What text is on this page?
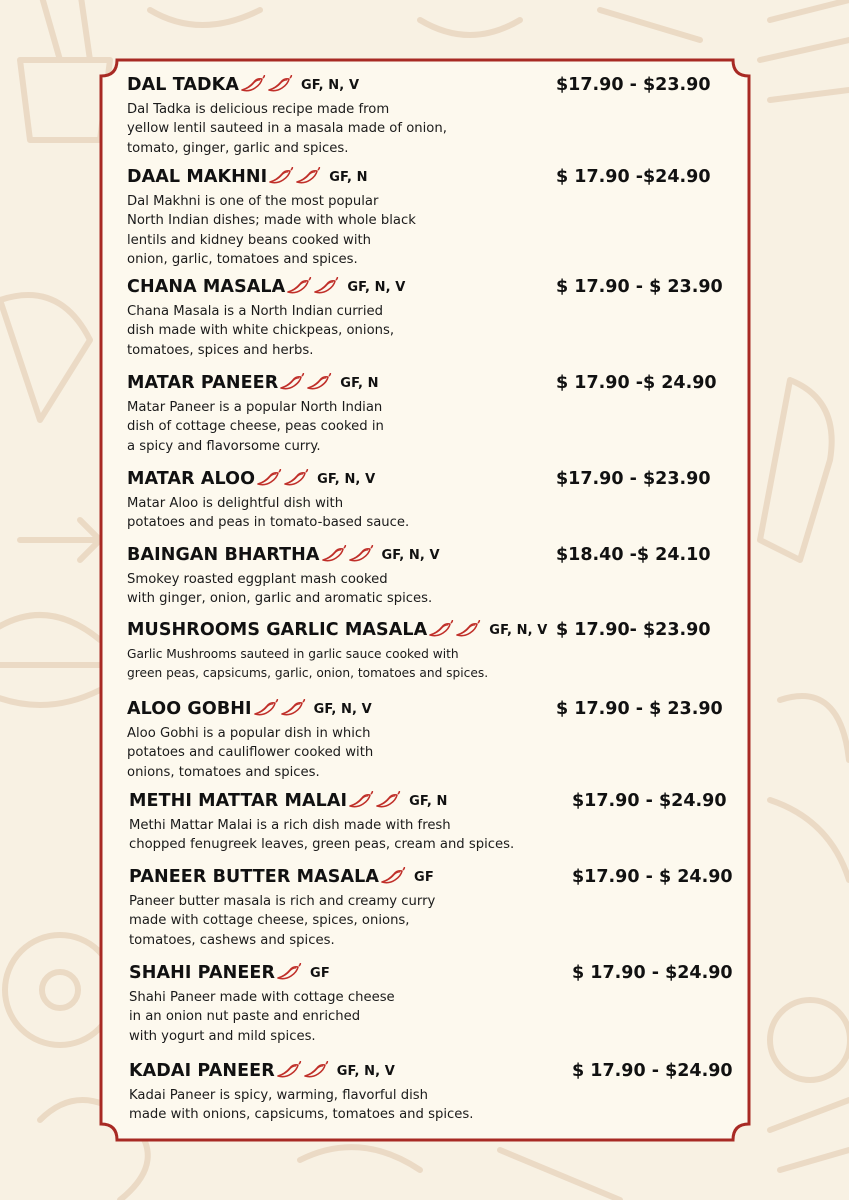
DAL TADKA	GF, N, V	$17.90 - $23.90
Dal Tadka is delicious recipe made from
yellow lentil sauteed in a masala made of onion,
tomato, ginger, garlic and spices.
DAAL MAKHNI	GF, N	$ 17.90 -$24.90
Dal Makhni is one of the most popular
North Indian dishes; made with whole black
lentils and kidney beans cooked with
onion, garlic, tomatoes and spices.
CHANA MASALA	GF, N, V	$ 17.90 - $ 23.90
Chana Masala is a North Indian curried
dish made with white chickpeas, onions,
tomatoes, spices and herbs.
MATAR PANEER	GF, N	$ 17.90 -$ 24.90
Matar Paneer is a popular North Indian
dish of cottage cheese, peas cooked in
a spicy and flavorsome curry.
MATAR ALOO	GF, N, V	$17.90 - $23.90
Matar Aloo is delightful dish with
potatoes and peas in tomato-based sauce.
BAINGAN BHARTHA	GF, N, V	$18.40 -$ 24.10
Smokey roasted eggplant mash cooked
with ginger, onion, garlic and aromatic spices.
MUSHROOMS GARLIC MASALA	GF, N, V $ 17.90- $23.90
Garlic Mushrooms sauteed in garlic sauce cooked with
green peas, capsicums, garlic, onion, tomatoes and spices.
ALOO GOBHI	GF, N, V	$ 17.90 - $ 23.90
Aloo Gobhi is a popular dish in which
potatoes and cauliflower cooked with
onions, tomatoes and spices.
METHI MATTAR MALAI	GF, N	$17.90 - $24.90
Methi Mattar Malai is a rich dish made with fresh
chopped fenugreek leaves, green peas, cream and spices.
PANEER BUTTER MASALA	GF	$17.90 - $ 24.90
Paneer butter masala is rich and creamy curry
made with cottage cheese, spices, onions,
tomatoes, cashews and spices.
SHAHI PANEER	GF	$ 17.90 - $24.90
Shahi Paneer made with cottage cheese
in an onion nut paste and enriched
with yogurt and mild spices.
KADAI PANEER	GF, N, V	$ 17.90 - $24.90
Kadai Paneer is spicy, warming, flavorful dish
made with onions, capsicums, tomatoes and spices.
